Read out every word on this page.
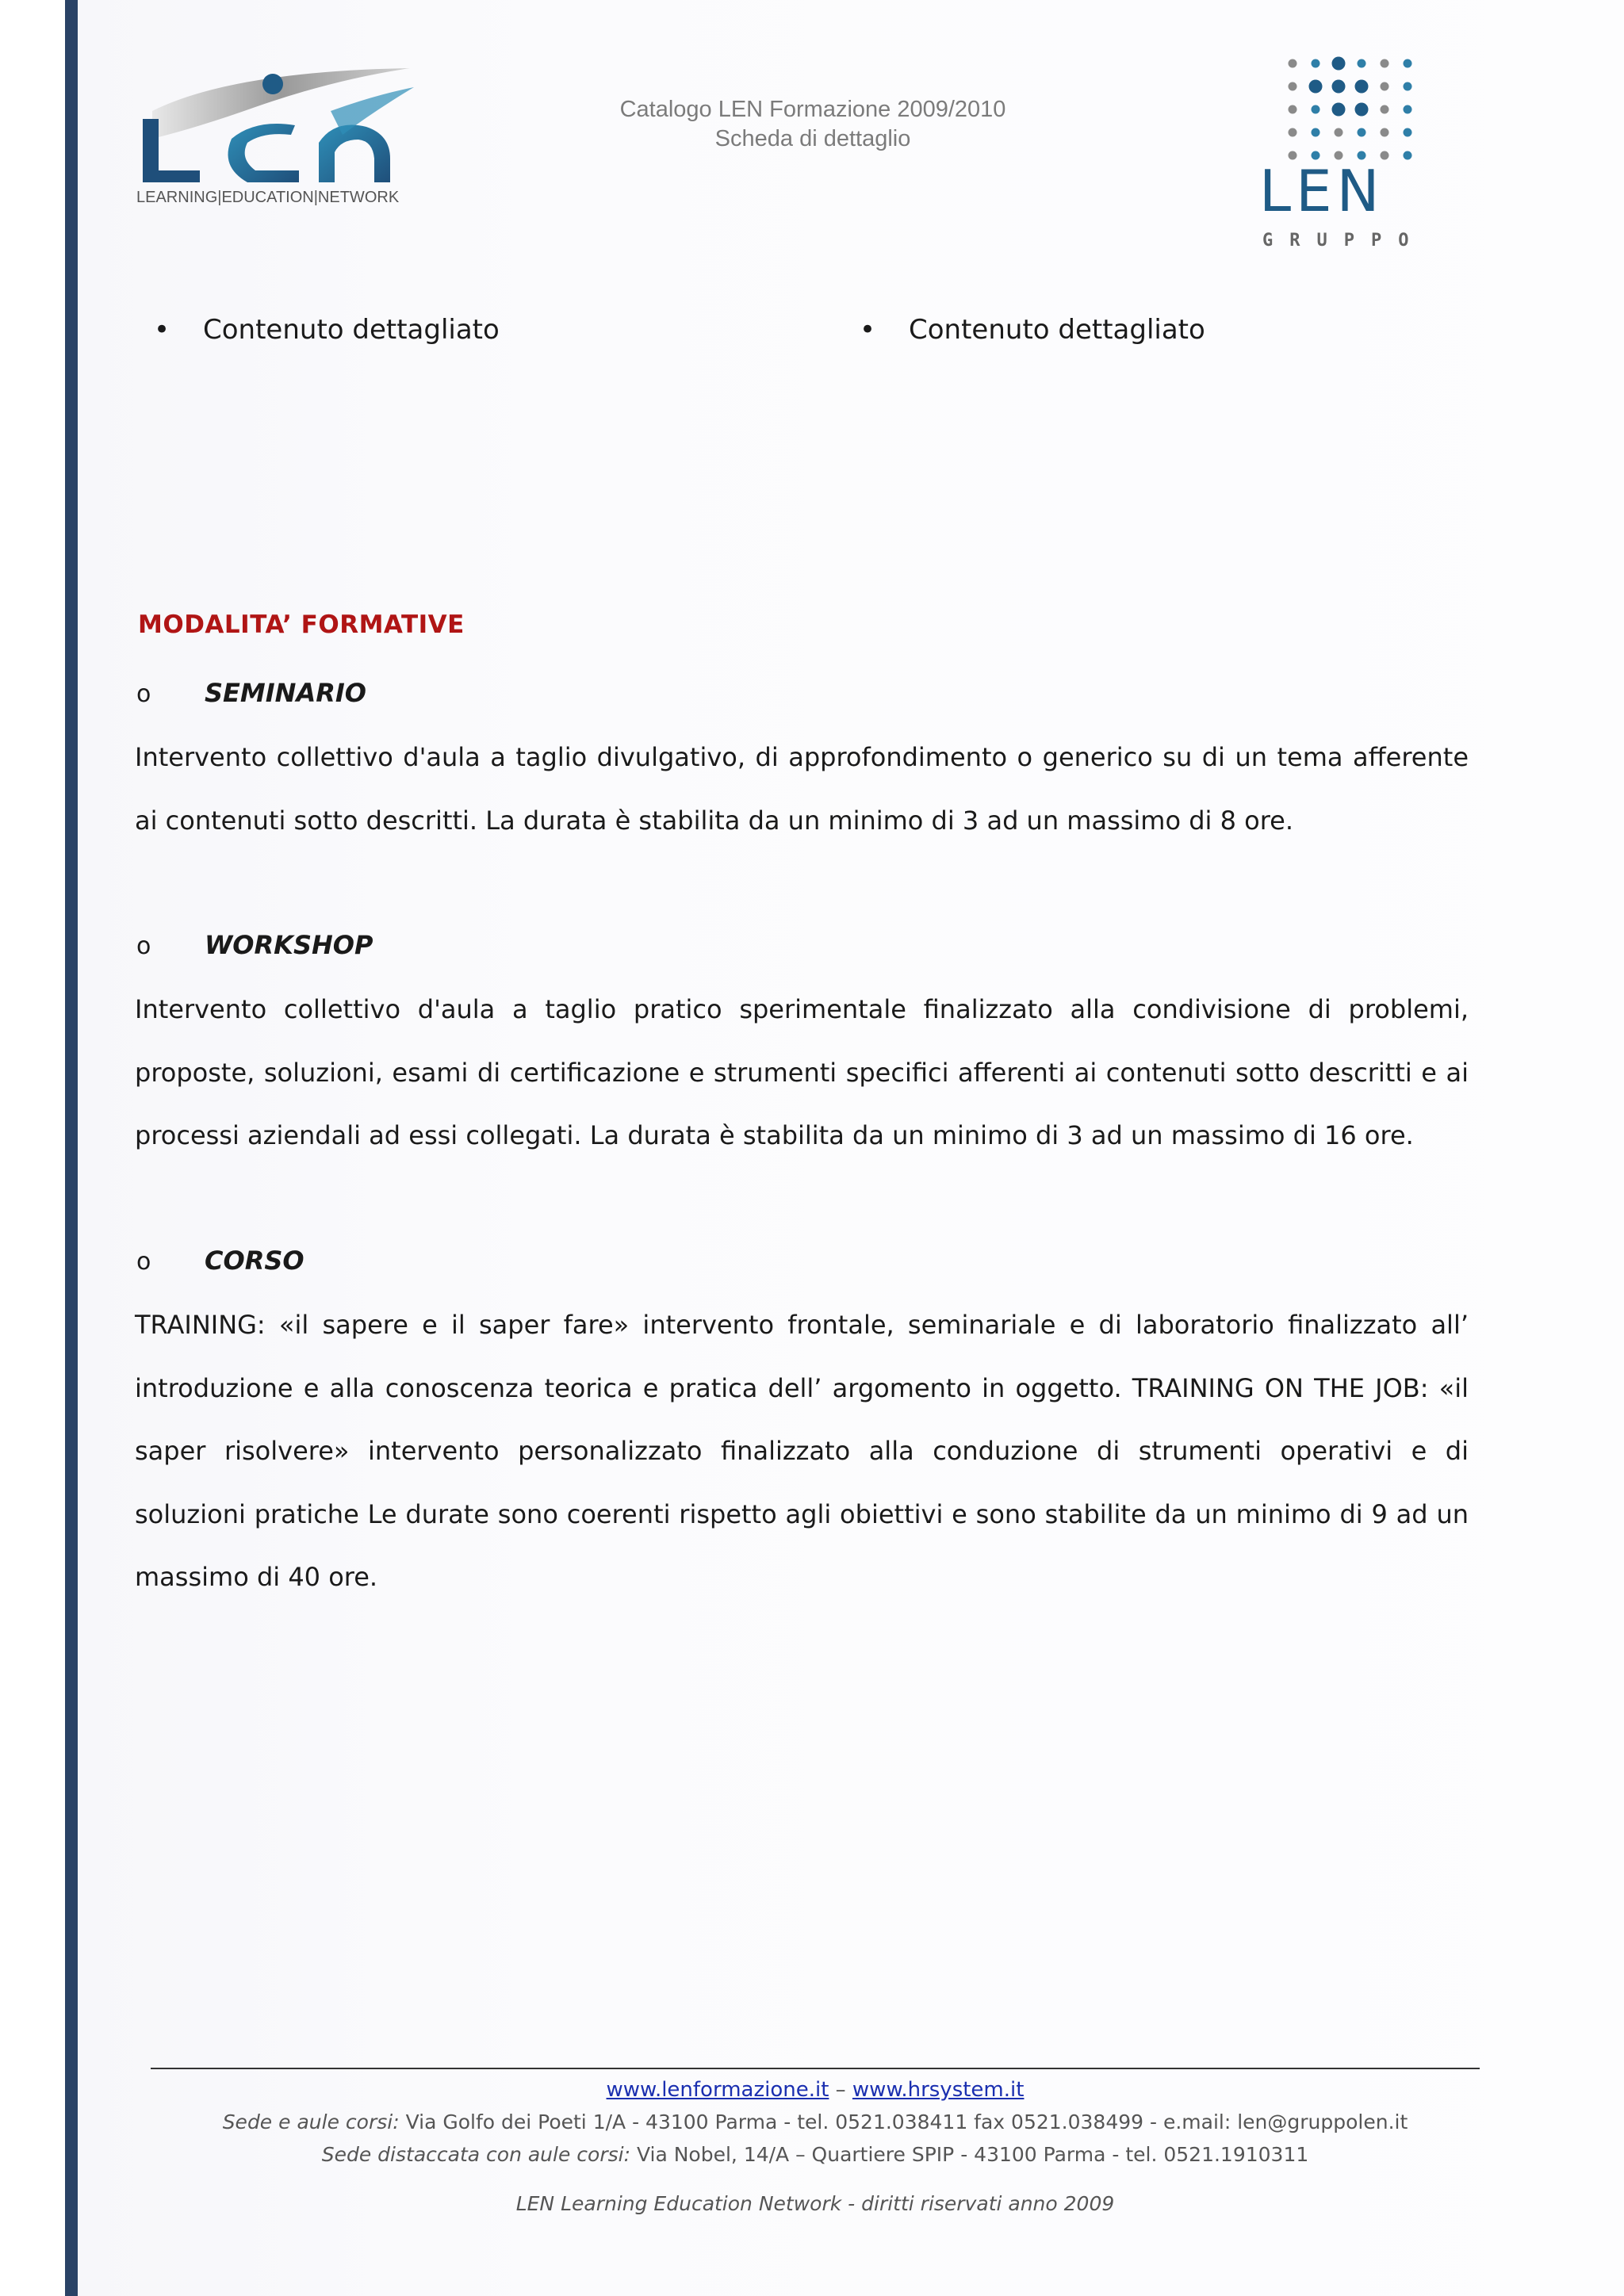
LEARNING|EDUCATION|NETWORK
Catalogo LEN Formazione 2009/2010
Scheda di dettaglio
LEN
GRUPPO
• Contenuto dettagliato	• Contenuto dettagliato
MODALITA’ FORMATIVE
o SEMINARIO
Intervento collettivo d'aula a taglio divulgativo, di approfondimento o generico su di un tema afferente ai contenuti sotto descritti. La durata è stabilita da un minimo di 3 ad un massimo di 8 ore.
o WORKSHOP
Intervento collettivo d'aula a taglio pratico sperimentale finalizzato alla condivisione di problemi, proposte, soluzioni, esami di certificazione e strumenti specifici afferenti ai contenuti sotto descritti e ai processi aziendali ad essi collegati. La durata è stabilita da un minimo di 3 ad un massimo di 16 ore.
o CORSO
TRAINING: «il sapere e il saper fare» intervento frontale, seminariale e di laboratorio finalizzato all’ introduzione e alla conoscenza teorica e pratica dell’ argomento in oggetto. TRAINING ON THE JOB: «il saper risolvere» intervento personalizzato finalizzato alla conduzione di strumenti operativi e di soluzioni pratiche Le durate sono coerenti rispetto agli obiettivi e sono stabilite da un minimo di 9 ad un massimo di 40 ore.
www.lenformazione.it – www.hrsystem.it
Sede e aule corsi: Via Golfo dei Poeti 1/A - 43100 Parma - tel. 0521.038411 fax 0521.038499 - e.mail: len@gruppolen.it
Sede distaccata con aule corsi: Via Nobel, 14/A – Quartiere SPIP - 43100 Parma - tel. 0521.1910311
LEN Learning Education Network - diritti riservati anno 2009
